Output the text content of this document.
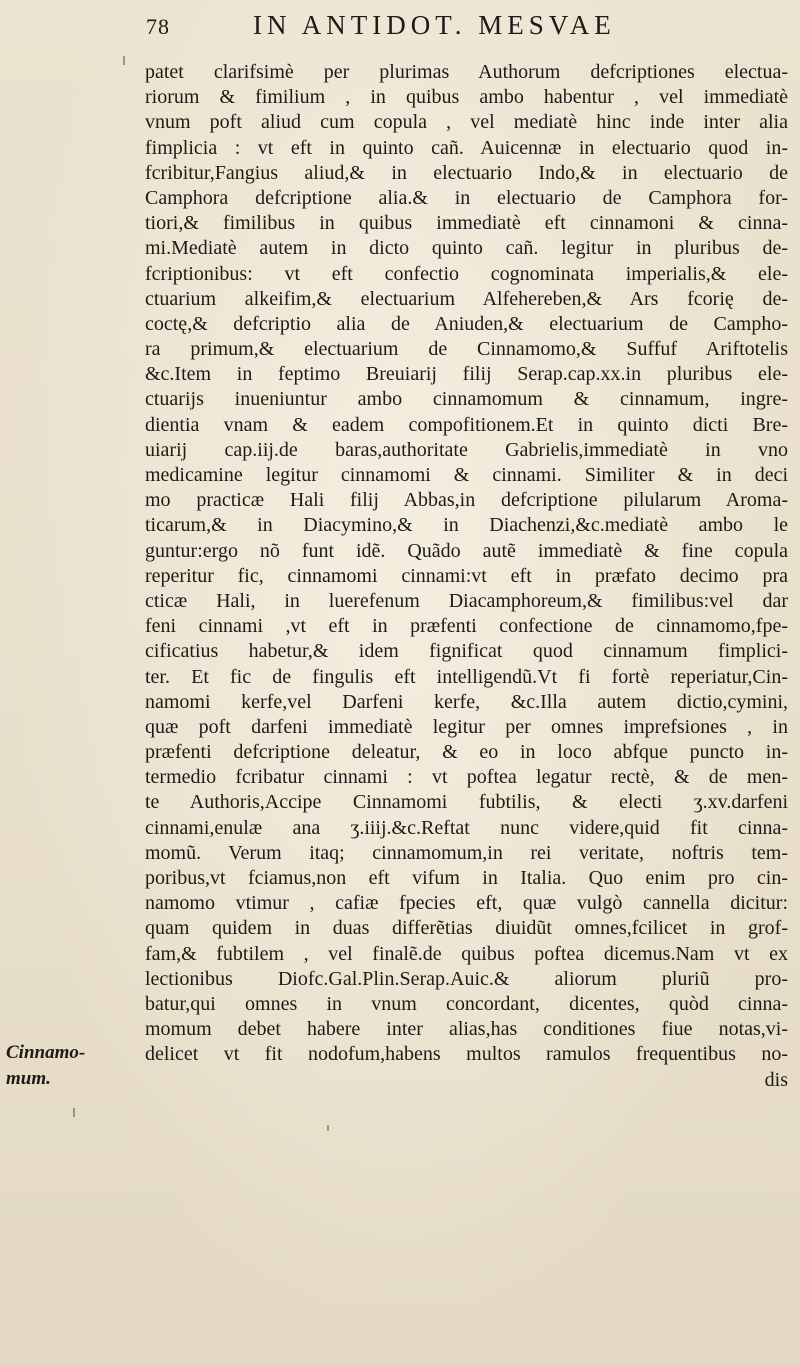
78	IN ANTIDOT. MESVAE
patet clarifsimè per plurimas Authorum defcriptiones electua-
riorum & fimilium , in quibus ambo habentur , vel immediatè
vnum poft aliud cum copula , vel mediatè hinc inde inter alia
fimplicia : vt eft in quinto cañ. Auicennæ in electuario quod in-
fcribitur,Fangius aliud,& in electuario Indo,& in electuario de
Camphora defcriptione alia.& in electuario de Camphora for-
tiori,& fimilibus in quibus immediatè eft cinnamoni & cinna-
mi.Mediatè autem in dicto quinto cañ. legitur in pluribus de-
fcriptionibus: vt eft confectio cognominata imperialis,& ele-
ctuarium alkeifim,& electuarium Alfehereben,& Ars fcorię de-
coctę,& defcriptio alia de Aniuden,& electuarium de Campho-
ra primum,& electuarium de Cinnamomo,& Suffuf Ariftotelis
&c.Item in feptimo Breuiarij filij Serap.cap.xx.in pluribus ele-
ctuarijs inueniuntur ambo cinnamomum & cinnamum, ingre-
dientia vnam & eadem compofitionem.Et in quinto dicti Bre-
uiarij cap.iij.de baras,authoritate Gabrielis,immediatè in vno
medicamine legitur cinnamomi & cinnami. Similiter & in deci
mo practicæ Hali filij Abbas,in defcriptione pilularum Aroma-
ticarum,& in Diacymino,& in Diachenzi,&c.mediatè ambo le
guntur:ergo nõ funt idẽ. Quãdo autẽ immediatè & fine copula
reperitur fic, cinnamomi cinnami:vt eft in præfato decimo pra
cticæ Hali, in luerefenum Diacamphoreum,& fimilibus:vel dar
feni cinnami ,vt eft in præfenti confectione de cinnamomo,fpe-
cificatius habetur,& idem fignificat quod cinnamum fimplici-
ter. Et fic de fingulis eft intelligendũ.Vt fi fortè reperiatur,Cin-
namomi kerfe,vel Darfeni kerfe, &c.Illa autem dictio,cymini,
quæ poft darfeni immediatè legitur per omnes imprefsiones , in
præfenti defcriptione deleatur, & eo in loco abfque puncto in-
termedio fcribatur cinnami : vt poftea legatur rectè, & de men-
te Authoris,Accipe Cinnamomi fubtilis, & electi ʒ.xv.darfeni
cinnami,enulæ ana ʒ.iiij.&c.Reftat nunc videre,quid fit cinna-
momũ. Verum itaq; cinnamomum,in rei veritate, noftris tem-
poribus,vt fciamus,non eft vifum in Italia. Quo enim pro cin-
namomo vtimur , cafiæ fpecies eft, quæ vulgò cannella dicitur:
quam quidem in duas differẽtias diuidũt omnes,fcilicet in grof-
fam,& fubtilem , vel finalẽ.de quibus poftea dicemus.Nam vt ex
lectionibus Diofc.Gal.Plin.Serap.Auic.& aliorum pluriũ pro-
batur,qui omnes in vnum concordant, dicentes, quòd cinna-
momum debet habere inter alias,has conditiones fiue notas,vi-
delicet vt fit nodofum,habens multos ramulos frequentibus no-
dis
Cinnamo-
mum.
